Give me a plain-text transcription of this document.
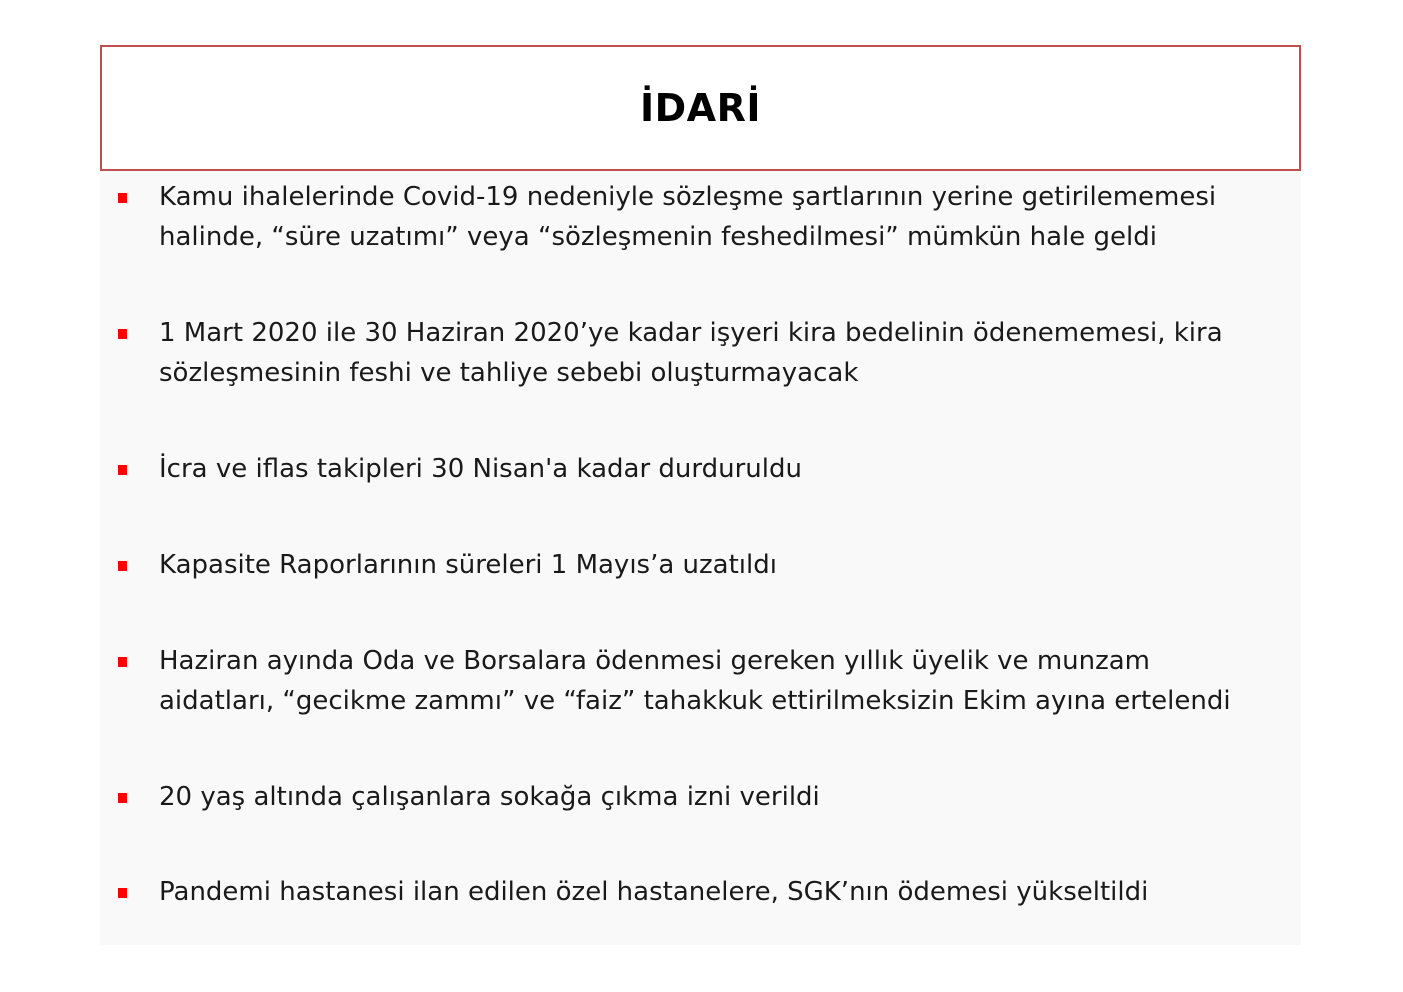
İDARİ
Kamu ihalelerinde Covid-19 nedeniyle sözleşme şartlarının yerine getirilememesi halinde, “süre uzatımı” veya “sözleşmenin feshedilmesi” mümkün hale geldi
1 Mart 2020 ile 30 Haziran 2020’ye kadar işyeri kira bedelinin ödenememesi, kira sözleşmesinin feshi ve tahliye sebebi oluşturmayacak
İcra ve iflas takipleri 30 Nisan'a kadar durduruldu
Kapasite Raporlarının süreleri 1 Mayıs’a uzatıldı
Haziran ayında Oda ve Borsalara ödenmesi gereken yıllık üyelik ve munzam aidatları, “gecikme zammı” ve “faiz” tahakkuk ettirilmeksizin Ekim ayına ertelendi
20 yaş altında çalışanlara sokağa çıkma izni verildi
Pandemi hastanesi ilan edilen özel hastanelere, SGK’nın ödemesi yükseltildi
